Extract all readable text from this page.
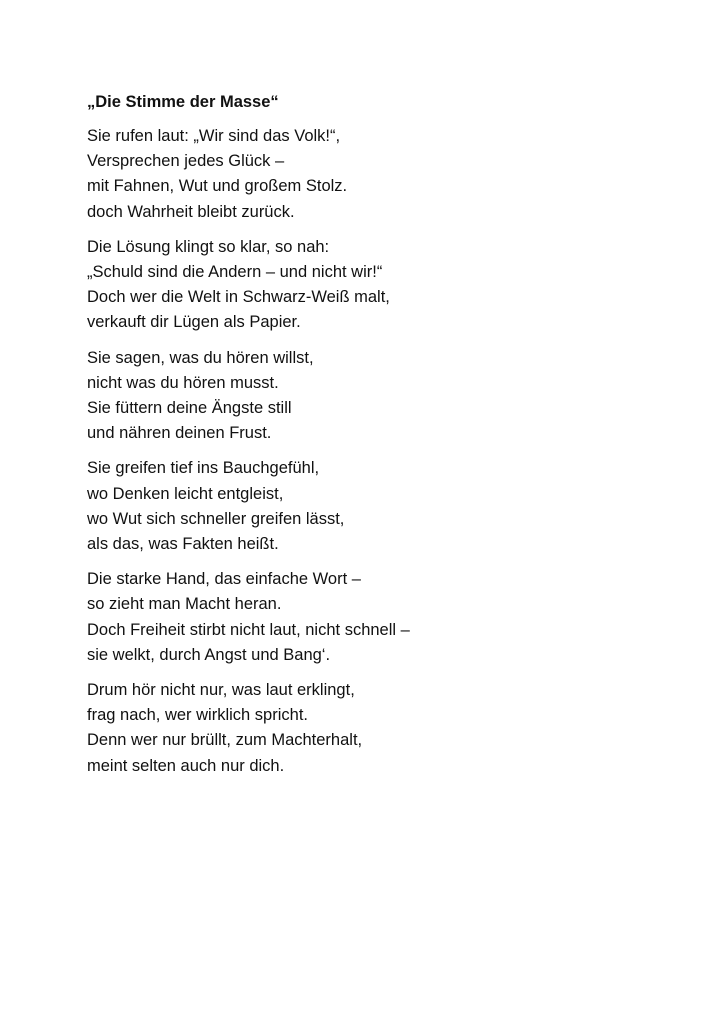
„Die Stimme der Masse“
Sie rufen laut: „Wir sind das Volk!“,
Versprechen jedes Glück –
mit Fahnen, Wut und großem Stolz.
doch Wahrheit bleibt zurück.
Die Lösung klingt so klar, so nah:
„Schuld sind die Andern – und nicht wir!“
Doch wer die Welt in Schwarz-Weiß malt,
verkauft dir Lügen als Papier.
Sie sagen, was du hören willst,
nicht was du hören musst.
Sie füttern deine Ängste still
und nähren deinen Frust.
Sie greifen tief ins Bauchgefühl,
wo Denken leicht entgleist,
wo Wut sich schneller greifen lässt,
als das, was Fakten heißt.
Die starke Hand, das einfache Wort –
so zieht man Macht heran.
Doch Freiheit stirbt nicht laut, nicht schnell –
sie welkt, durch Angst und Bang‘.
Drum hör nicht nur, was laut erklingt,
frag nach, wer wirklich spricht.
Denn wer nur brüllt, zum Machterhalt,
meint selten auch nur dich.
